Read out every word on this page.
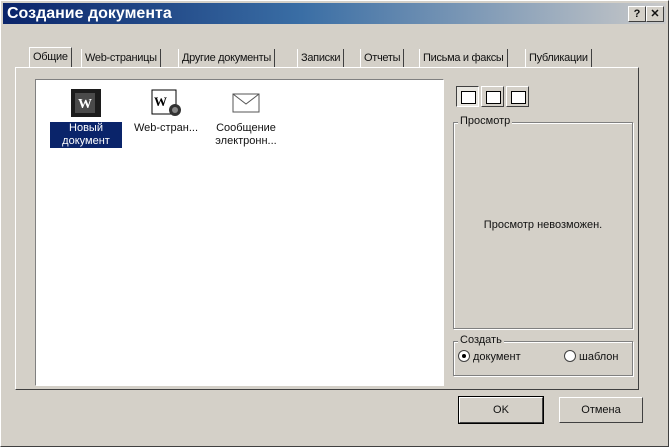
Создание документа	? ✕
Общие	Web-страницы	Другие документы	Записки	Отчеты	Письма и факсы	Публикации
W
Новый
документ
W
Web-стран...	Сообщение
электронн...
Просмотр
Просмотр невозможен.
Создать
документ	шаблон
OK	Отмена
